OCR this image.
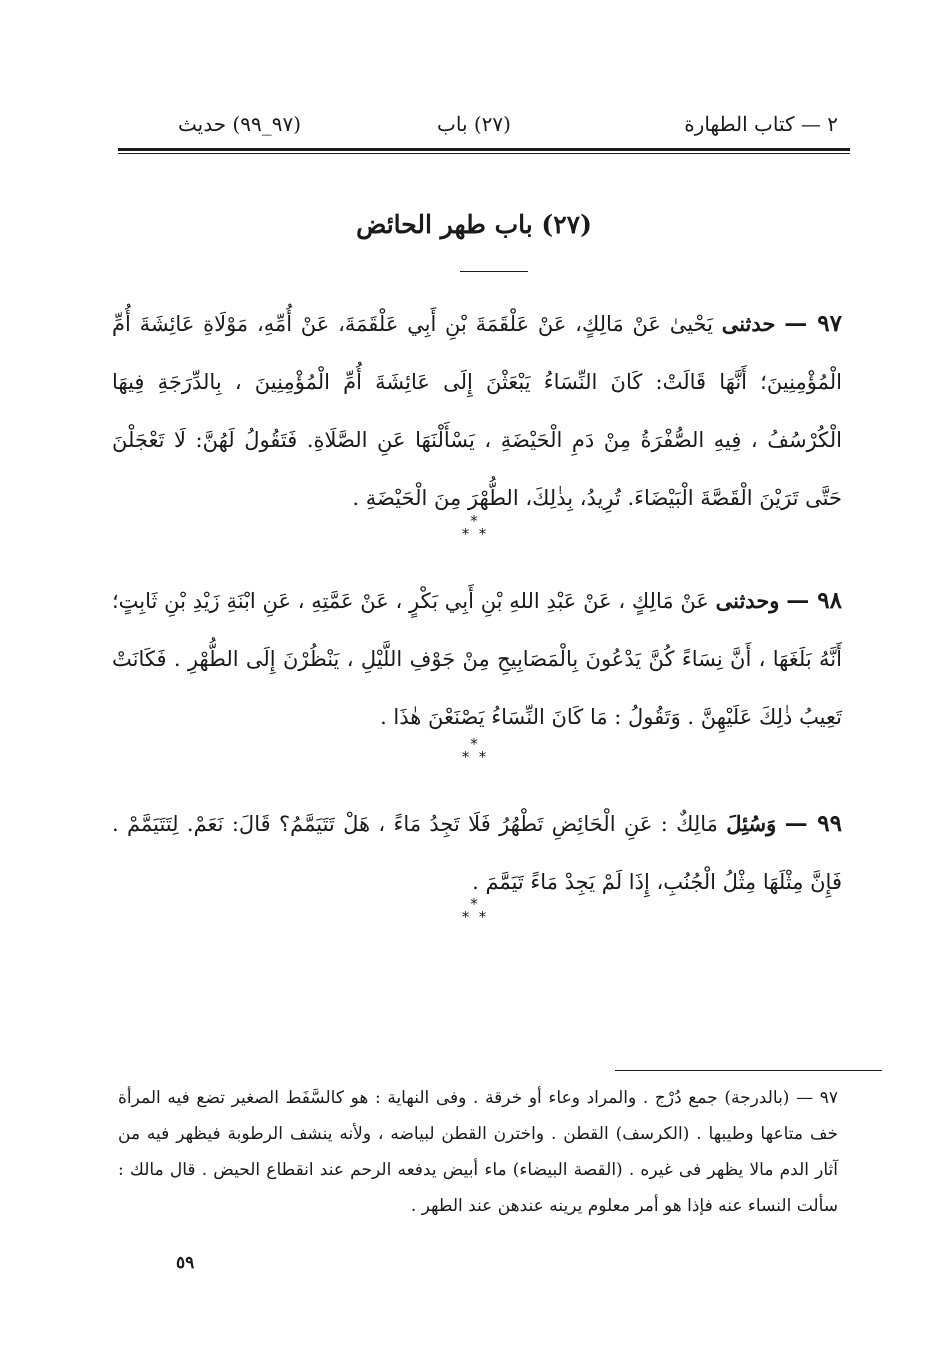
٢ — كتاب الطهارة
(٢٧) باب
(٩٧_٩٩) حديث
(٢٧) باب طهر الحائض
٩٧ — حدثنى يَحْيىٰ عَنْ مَالِكٍ، عَنْ عَلْقَمَةَ بْنِ أَبِي عَلْقَمَةَ، عَنْ أُمِّهِ، مَوْلَاةِ عَائِشَةَ أُمِّ الْمُؤْمِنِينَ؛ أَنَّهَا قَالَتْ: كَانَ النِّسَاءُ يَبْعَثْنَ إِلَى عَائِشَةَ أُمِّ الْمُؤْمِنِينَ ، بِالدِّرَجَةِ فِيهَا الْكُرْسُفُ ، فِيهِ الصُّفْرَةُ مِنْ دَمِ الْحَيْضَةِ ، يَسْأَلْنَهَا عَنِ الصَّلَاةِ. فَتَقُولُ لَهُنَّ: لَا تَعْجَلْنَ حَتَّى تَرَيْنَ الْقَصَّةَ الْبَيْضَاءَ. تُرِيدُ، بِذٰلِكَ، الطُّهْرَ مِنَ الْحَيْضَةِ .
*
* *
٩٨ — وحدثنى عَنْ مَالِكٍ ، عَنْ عَبْدِ اللهِ بْنِ أَبِي بَكْرٍ ، عَنْ عَمَّتِهِ ، عَنِ ابْنَةِ زَيْدِ بْنِ ثَابِتٍ؛ أَنَّهُ بَلَغَهَا ، أَنَّ نِسَاءً كُنَّ يَدْعُونَ بِالْمَصَابِيحِ مِنْ جَوْفِ اللَّيْلِ ، يَنْظُرْنَ إِلَى الطُّهْرِ . فَكَانَتْ تَعِيبُ ذٰلِكَ عَلَيْهِنَّ . وَتَقُولُ : مَا كَانَ النِّسَاءُ يَصْنَعْنَ هٰذَا .
*
* *
٩٩ — وَسُئِلَ مَالِكٌ : عَنِ الْحَائِضِ تَطْهُرُ فَلَا تَجِدُ مَاءً ، هَلْ تَتَيَمَّمُ؟ قَالَ: نَعَمْ. لِتَتَيَمَّمْ . فَإِنَّ مِثْلَهَا مِثْلُ الْجُنُبِ، إِذَا لَمْ يَجِدْ مَاءً تَيَمَّمَ .
*
* *
٩٧ — (بالدرجة) جمع دُرْج . والمراد وعاء أو خرقة . وفى النهاية : هو كالسَّفَط الصغير تضع فيه المرأة خف متاعها وطيبها . (الكرسف) القطن . واخترن القطن لبياضه ، ولأنه ينشف الرطوبة فيظهر فيه من آثار الدم مالا يظهر فى غيره . (القصة البيضاء) ماء أبيض يدفعه الرحم عند انقطاع الحيض . قال مالك : سألت النساء عنه فإذا هو أمر معلوم يرينه عندهن عند الطهر .
٥٩
